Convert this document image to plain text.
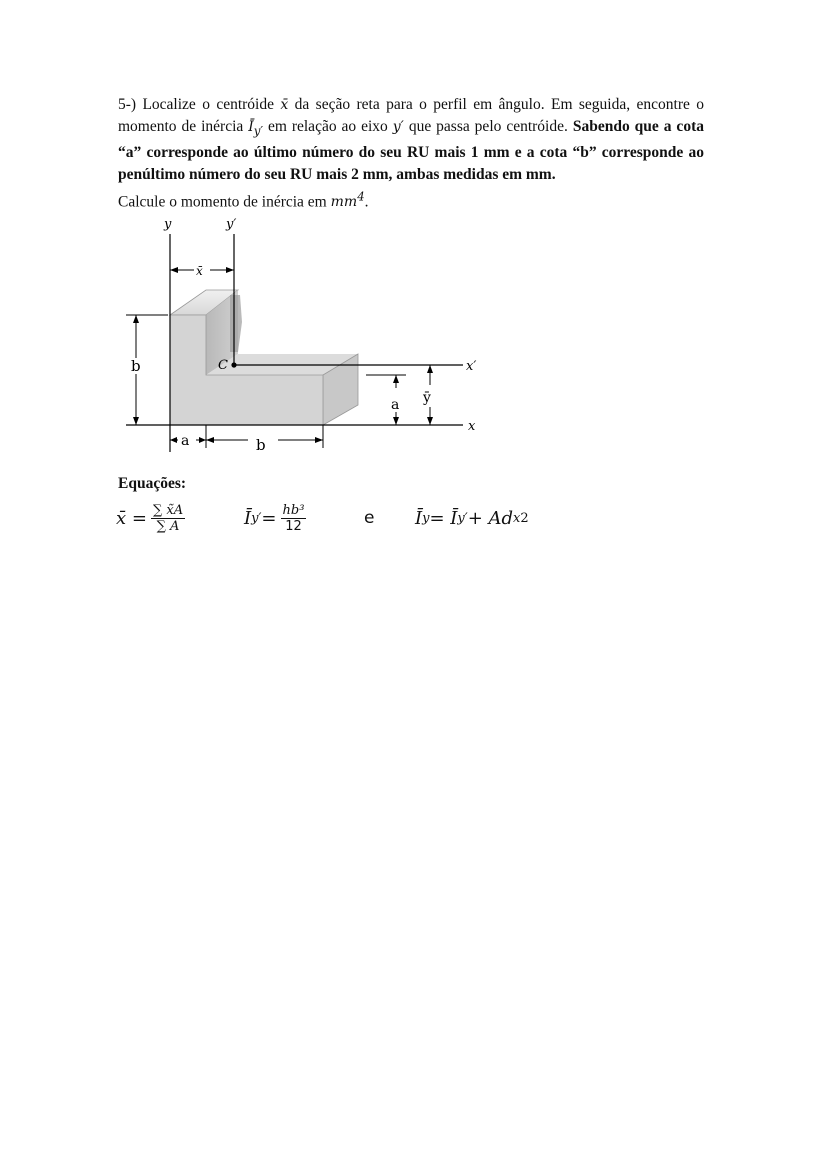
5-) Localize o centróide x̄ da seção reta para o perfil em ângulo. Em seguida, encontre o momento de inércia $Ī_{y'}$ em relação ao eixo y′ que passa pelo centróide. Sabendo que a cota “a” corresponde ao último número do seu RU mais 1 mm e a cota “b” corresponde ao penúltimo número do seu RU mais 2 mm, ambas medidas em mm.
Calcule o momento de inércia em $mm^4$.
y	y′
x′
x
C
x̄
b
a	b
a ȳ
Equações:
x̄ = $\frac{\sum x̃A}{\sum A}$	Ī $y' = \frac{\text{hb³}}{12}$	e Ī y = Ī y′ + Ad x 2
